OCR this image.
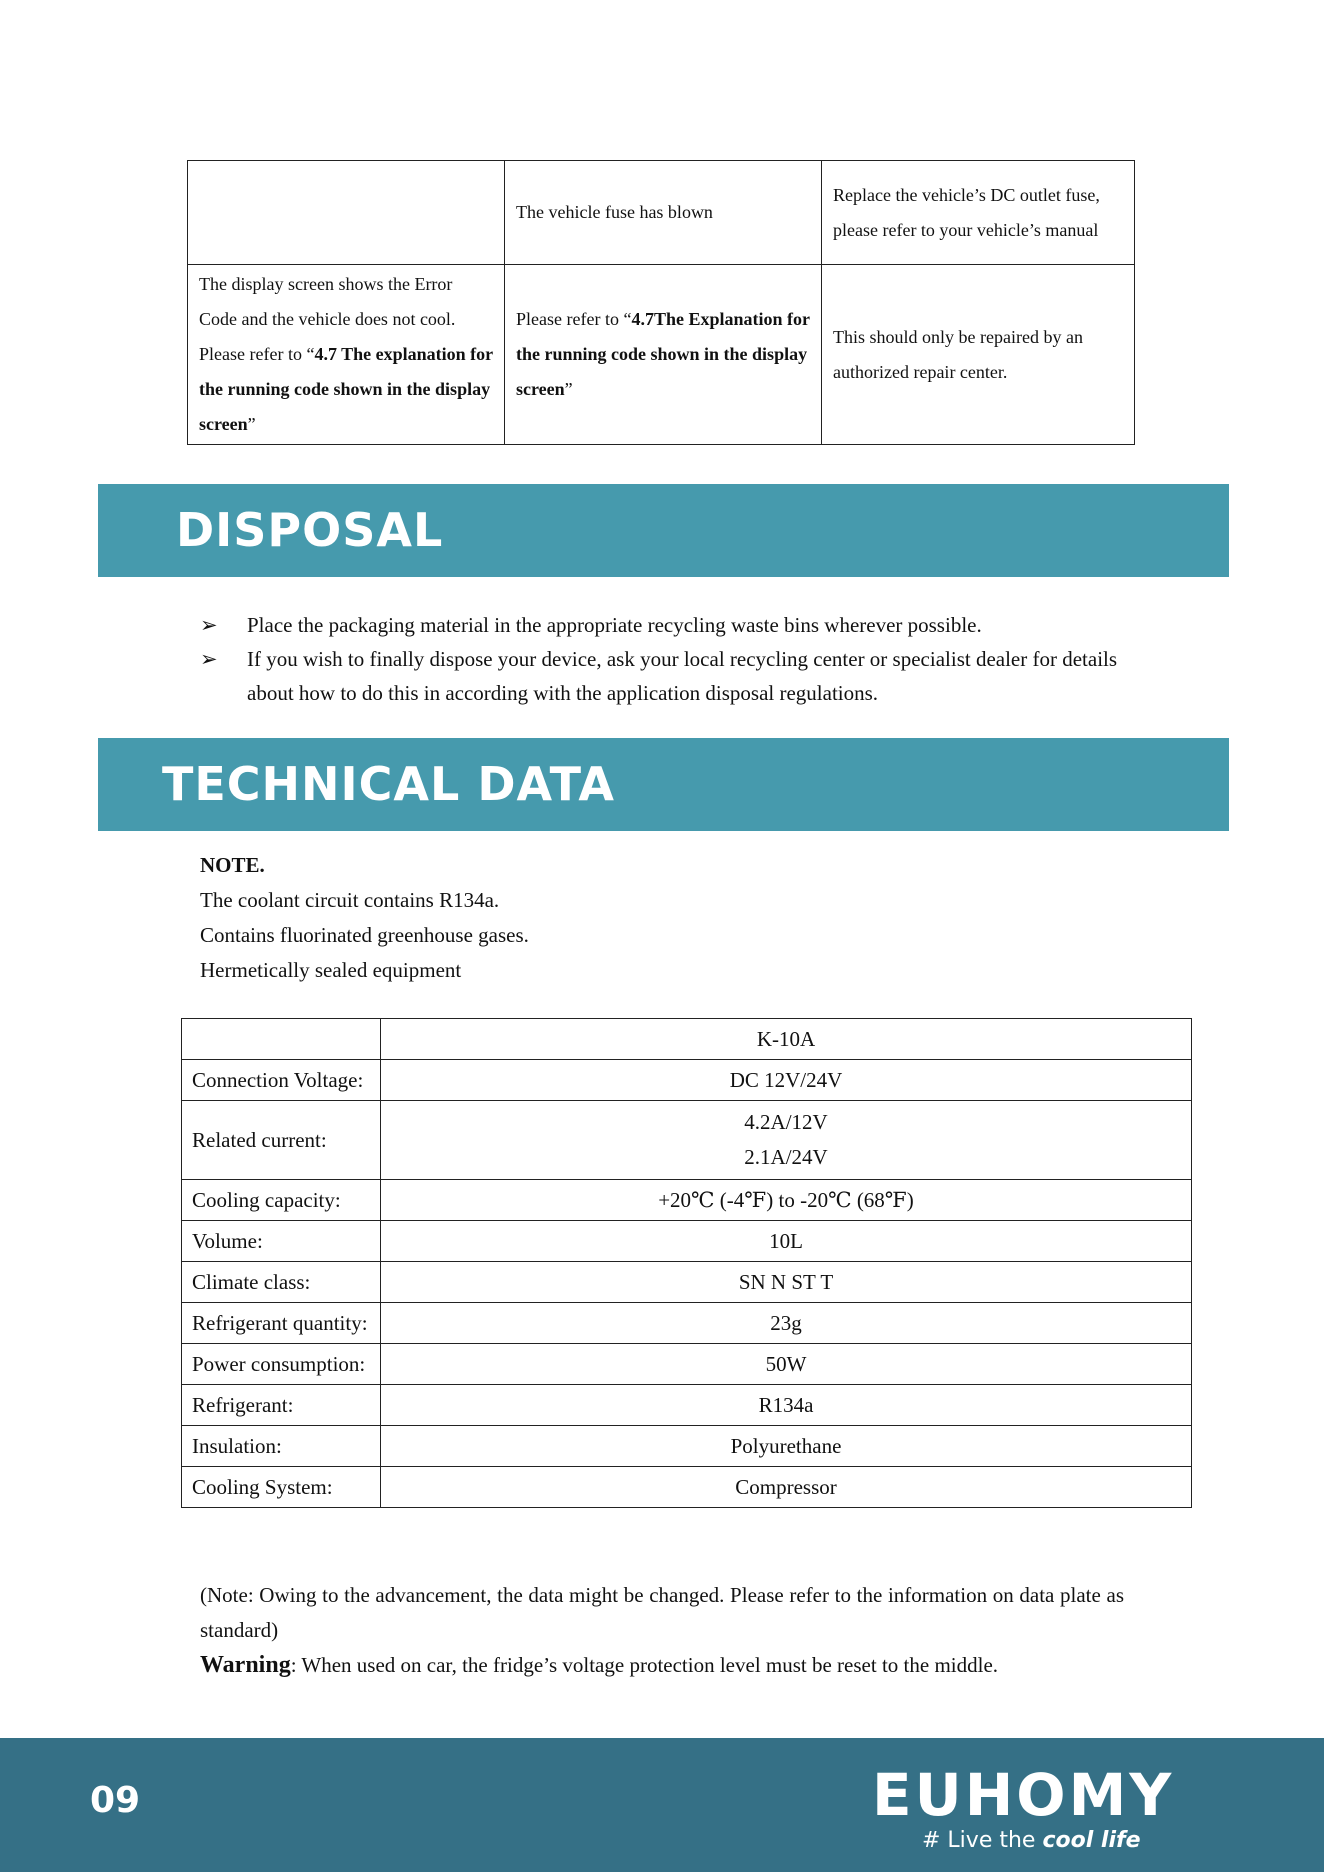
	The vehicle fuse has blown	Replace the vehicle’s DC outlet fuse, please refer to your vehicle’s manual
The display screen shows the Error Code and the vehicle does not cool. Please refer to “4.7 The explanation for the running code shown in the display screen”	Please refer to “4.7The Explanation for the running code shown in the display screen”	This should only be repaired by an authorized repair center.
DISPOSAL
➢	Place the packaging material in the appropriate recycling waste bins wherever possible.
➢	If you wish to finally dispose your device, ask your local recycling center or specialist dealer for details about how to do this in according with the application disposal regulations.
TECHNICAL DATA
NOTE.
The coolant circuit contains R134a.
Contains fluorinated greenhouse gases.
Hermetically sealed equipment
	K-10A
Connection Voltage:	DC 12V/24V
Related current:	4.2A/12V
2.1A/24V

Cooling capacity:	+20℃ (-4℉) to -20℃ (68℉)
Volume:	10L
Climate class:	SN N ST T
Refrigerant quantity:	23g
Power consumption:	50W
Refrigerant:	R134a
Insulation:	Polyurethane
Cooling System:	Compressor
(Note: Owing to the advancement, the data might be changed. Please refer to the information on data plate as standard)
Warning: When used on car, the fridge’s voltage protection level must be reset to the middle.
09	EUHOMY
# Live the cool life
